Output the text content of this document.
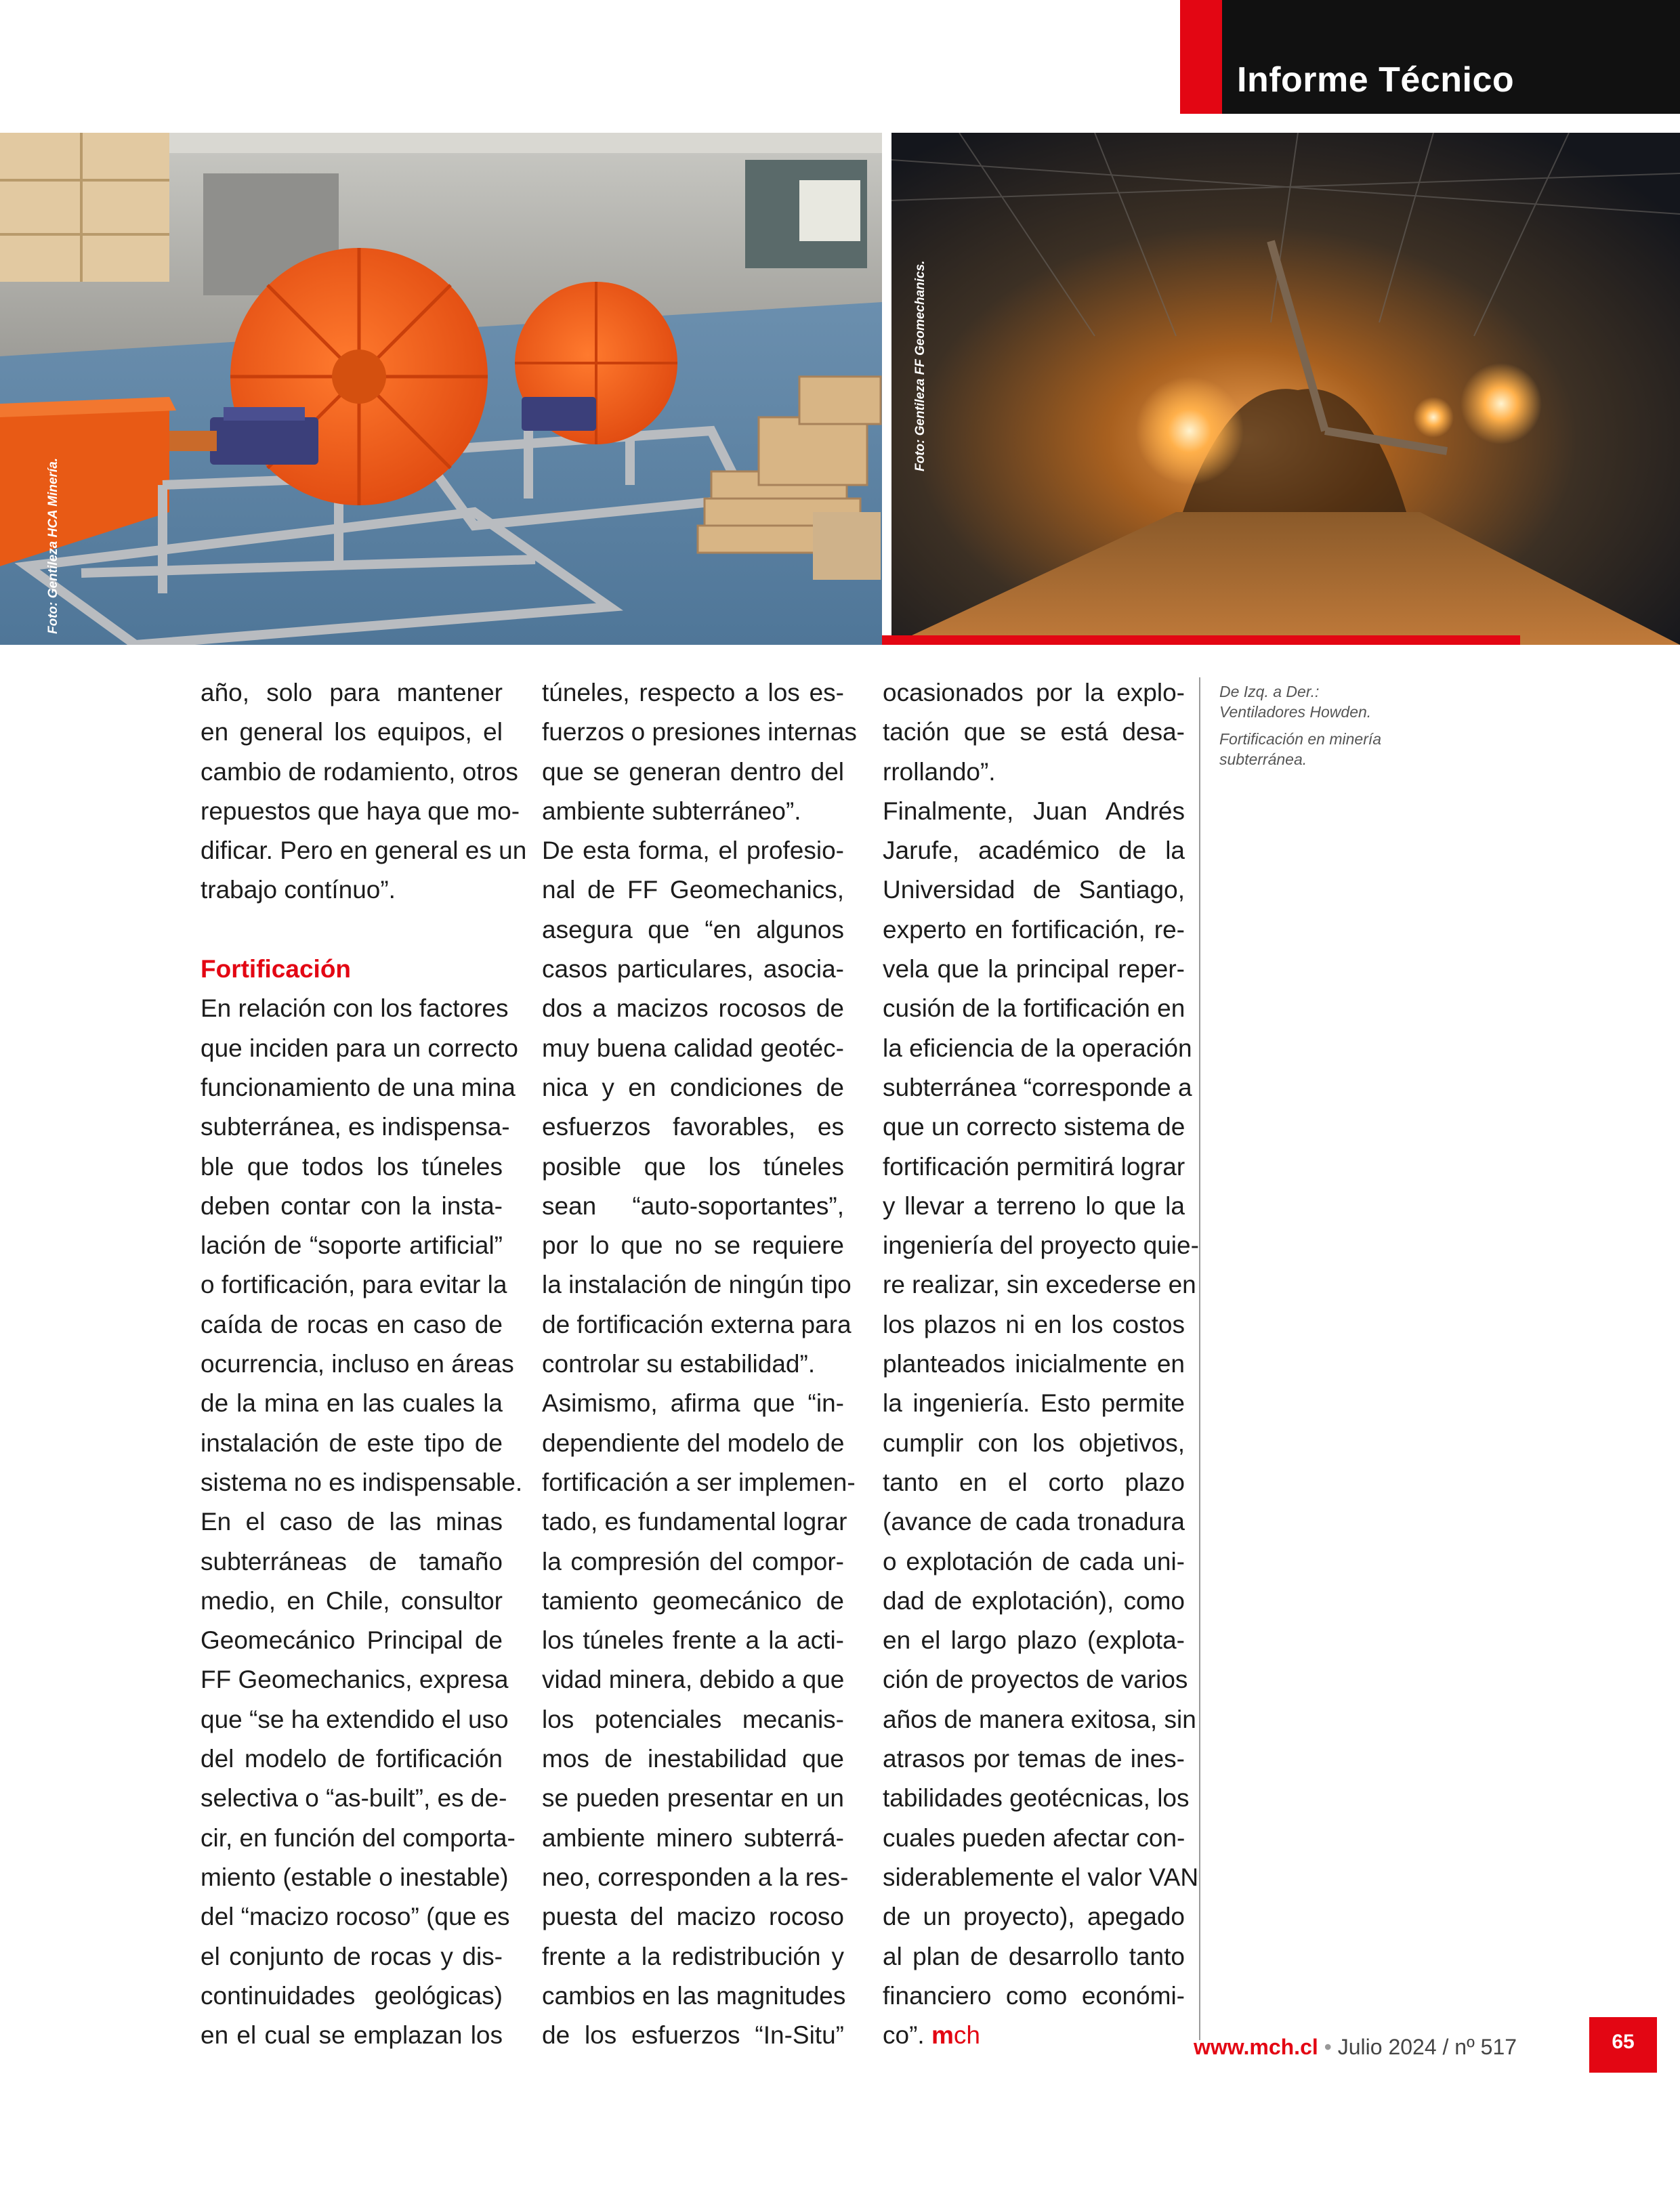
Informe Técnico
Foto: Gentileza HCA Minería.
Foto: Gentileza FF Geomechanics.
año, solo para mantener
en general los equipos, el
cambio de rodamiento, otros
repuestos que haya que mo-
dificar. Pero en general es un
trabajo contínuo”.
Fortificación
En relación con los factores
que inciden para un correcto
funcionamiento de una mina
subterránea, es indispensa-
ble que todos los túneles
deben contar con la insta-
lación de “soporte artificial”
o fortificación, para evitar la
caída de rocas en caso de
ocurrencia, incluso en áreas
de la mina en las cuales la
instalación de este tipo de
sistema no es indispensable.
En el caso de las minas
subterráneas de tamaño
medio, en Chile, consultor
Geomecánico Principal de
FF Geomechanics, expresa
que “se ha extendido el uso
del modelo de fortificación
selectiva o “as-built”, es de-
cir, en función del comporta-
miento (estable o inestable)
del “macizo rocoso” (que es
el conjunto de rocas y dis-
continuidades geológicas)
en el cual se emplazan los
túneles, respecto a los es-
fuerzos o presiones internas
que se generan dentro del
ambiente subterráneo”.
De esta forma, el profesio-
nal de FF Geomechanics,
asegura que “en algunos
casos particulares, asocia-
dos a macizos rocosos de
muy buena calidad geotéc-
nica y en condiciones de
esfuerzos favorables, es
posible que los túneles
sean “auto-soportantes”,
por lo que no se requiere
la instalación de ningún tipo
de fortificación externa para
controlar su estabilidad”.
Asimismo, afirma que “in-
dependiente del modelo de
fortificación a ser implemen-
tado, es fundamental lograr
la compresión del compor-
tamiento geomecánico de
los túneles frente a la acti-
vidad minera, debido a que
los potenciales mecanis-
mos de inestabilidad que
se pueden presentar en un
ambiente minero subterrá-
neo, corresponden a la res-
puesta del macizo rocoso
frente a la redistribución y
cambios en las magnitudes
de los esfuerzos “In-Situ”
ocasionados por la explo-
tación que se está desa-
rrollando”.
Finalmente, Juan Andrés
Jarufe, académico de la
Universidad de Santiago,
experto en fortificación, re-
vela que la principal reper-
cusión de la fortificación en
la eficiencia de la operación
subterránea “corresponde a
que un correcto sistema de
fortificación permitirá lograr
y llevar a terreno lo que la
ingeniería del proyecto quie-
re realizar, sin excederse en
los plazos ni en los costos
planteados inicialmente en
la ingeniería. Esto permite
cumplir con los objetivos,
tanto en el corto plazo
(avance de cada tronadura
o explotación de cada uni-
dad de explotación), como
en el largo plazo (explota-
ción de proyectos de varios
años de manera exitosa, sin
atrasos por temas de ines-
tabilidades geotécnicas, los
cuales pueden afectar con-
siderablemente el valor VAN
de un proyecto), apegado
al plan de desarrollo tanto
financiero como económi-
co”. mch

De Izq. a Der.:
Ventiladores Howden.

Fortificación en minería
subterránea.

www.mch.cl • Julio 2024 / nº 517	65
